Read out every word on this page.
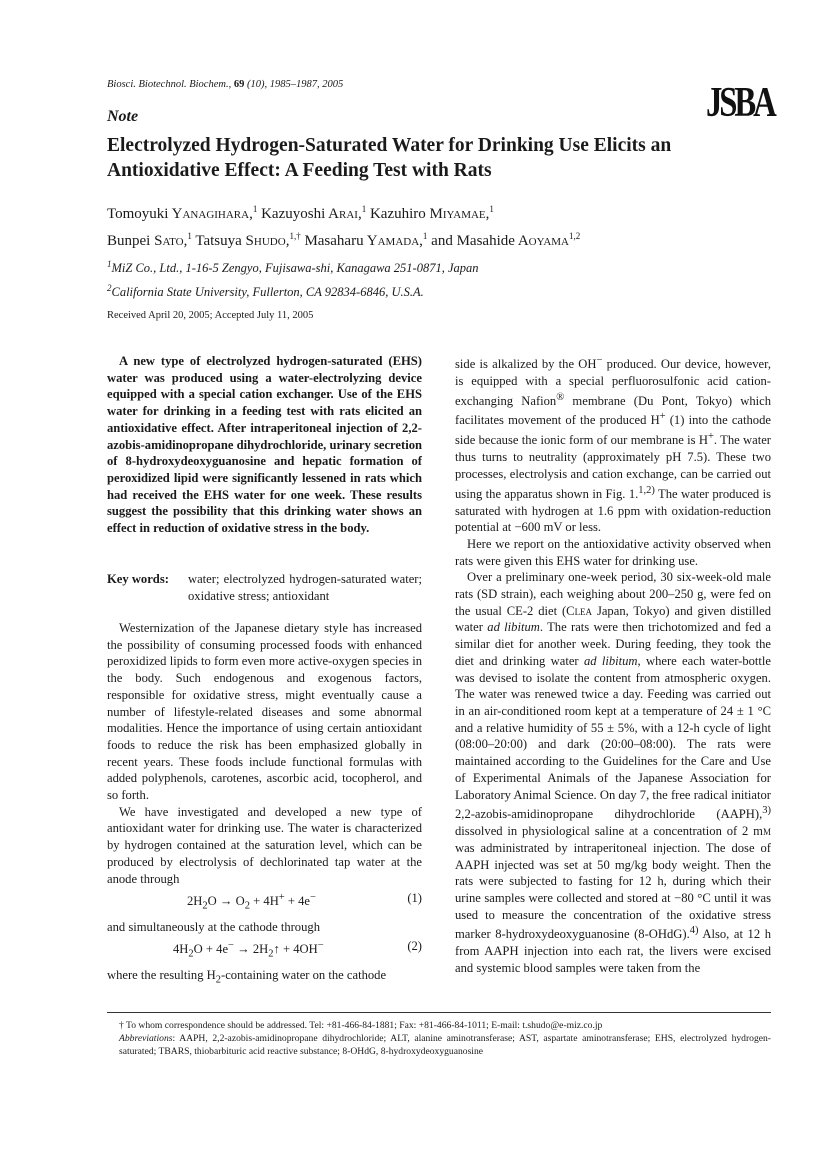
Biosci. Biotechnol. Biochem., 69 (10), 1985–1987, 2005	JSBA
Note
Electrolyzed Hydrogen-Saturated Water for Drinking Use Elicits an Antioxidative Effect: A Feeding Test with Rats
Tomoyuki Yanagihara,$^1$ Kazuyoshi Arai,$^1$ Kazuhiro Miyamae,$^1$
Bunpei Sato,$^1$ Tatsuya Shudo,$^{1,\dagger}$ Masaharu Yamada,$^1$ and Masahide Aoyama$^{1,2}$
$^1$MiZ Co., Ltd., 1-16-5 Zengyo, Fujisawa-shi, Kanagawa 251-0871, Japan
$^2$California State University, Fullerton, CA 92834-6846, U.S.A.
Received April 20, 2005; Accepted July 11, 2005

A new type of electrolyzed hydrogen-saturated (EHS) water was produced using a water-electrolyzing device equipped with a special cation exchanger. Use of the EHS water for drinking in a feeding test with rats elicited an antioxidative effect. After intraperitoneal injection of 2,2-azobis-amidinopropane dihydrochloride, urinary secretion of 8-hydroxydeoxyguanosine and hepatic formation of peroxidized lipid were significantly lessened in rats which had received the EHS water for one week. These results suggest the possibility that this drinking water shows an effect in reduction of oxidative stress in the body.

Key words:	water; electrolyzed hydrogen-saturated water; oxidative stress; antioxidant

Westernization of the Japanese dietary style has increased the possibility of consuming processed foods with enhanced peroxidized lipids to form even more active-oxygen species in the body. Such endogenous and exogenous factors, responsible for oxidative stress, might eventually cause a number of lifestyle-related diseases and some abnormal modalities. Hence the importance of using certain antioxidant foods to reduce the risk has been emphasized globally in recent years. These foods include functional formulas with added polyphenols, carotenes, ascorbic acid, tocopherol, and so forth.

We have investigated and developed a new type of antioxidant water for drinking use. The water is characterized by hydrogen contained at the saturation level, which can be produced by electrolysis of dechlorinated tap water at the anode through

$2H_2O \to O_2 + 4H^+ + 4e^-$	(1)

and simultaneously at the cathode through

$4H_2O + 4e^-$ → $2H_2↑ + 4OH^-$	(2)

where the resulting $H_2$-containing water on the cathode

side is alkalized by the OH− produced. Our device, however, is equipped with a special perfluorosulfonic acid cation-exchanging Nafion® membrane (Du Pont, Tokyo) which facilitates movement of the produced H+ (1) into the cathode side because the ionic form of our membrane is H+. The water thus turns to neutrality (approximately pH 7.5). These two processes, electrolysis and cation exchange, can be carried out using the apparatus shown in Fig. 1.$^{1,2)}$ The water produced is saturated with hydrogen at 1.6 ppm with oxidation-reduction potential at −600 mV or less.

Here we report on the antioxidative activity observed when rats were given this EHS water for drinking use.

Over a preliminary one-week period, 30 six-week-old male rats (SD strain), each weighing about 200–250 g, were fed on the usual CE-2 diet (Clea Japan, Tokyo) and given distilled water ad libitum. The rats were then trichotomized and fed a similar diet for another week. During feeding, they took the diet and drinking water ad libitum, where each water-bottle was devised to isolate the content from atmospheric oxygen. The water was renewed twice a day. Feeding was carried out in an air-conditioned room kept at a temperature of 24 ± 1 °C and a relative humidity of 55 ± 5%, with a 12-h cycle of light (08:00–20:00) and dark (20:00–08:00). The rats were maintained according to the Guidelines for the Care and Use of Experimental Animals of the Japanese Association for Laboratory Animal Science. On day 7, the free radical initiator 2,2-azobis-amidinopropane dihydrochloride (AAPH),$^{3)}$ dissolved in physiological saline at a concentration of 2 mm was administrated by intraperitoneal injection. The dose of AAPH injected was set at 50 mg/kg body weight. Then the rats were subjected to fasting for 12 h, during which their urine samples were collected and stored at −80 °C until it was used to measure the concentration of the oxidative stress marker 8-hydroxydeoxyguanosine (8-OHdG).$^{4)}$ Also, at 12 h from AAPH injection into each rat, the livers were excised and systemic blood samples were taken from the

† To whom correspondence should be addressed. Tel: +81-466-84-1881; Fax: +81-466-84-1011; E-mail: t.shudo@e-miz.co.jp

Abbreviations: AAPH, 2,2-azobis-amidinopropane dihydrochloride; ALT, alanine aminotransferase; AST, aspartate aminotransferase; EHS, electrolyzed hydrogen-saturated; TBARS, thiobarbituric acid reactive substance; 8-OHdG, 8-hydroxydeoxyguanosine
